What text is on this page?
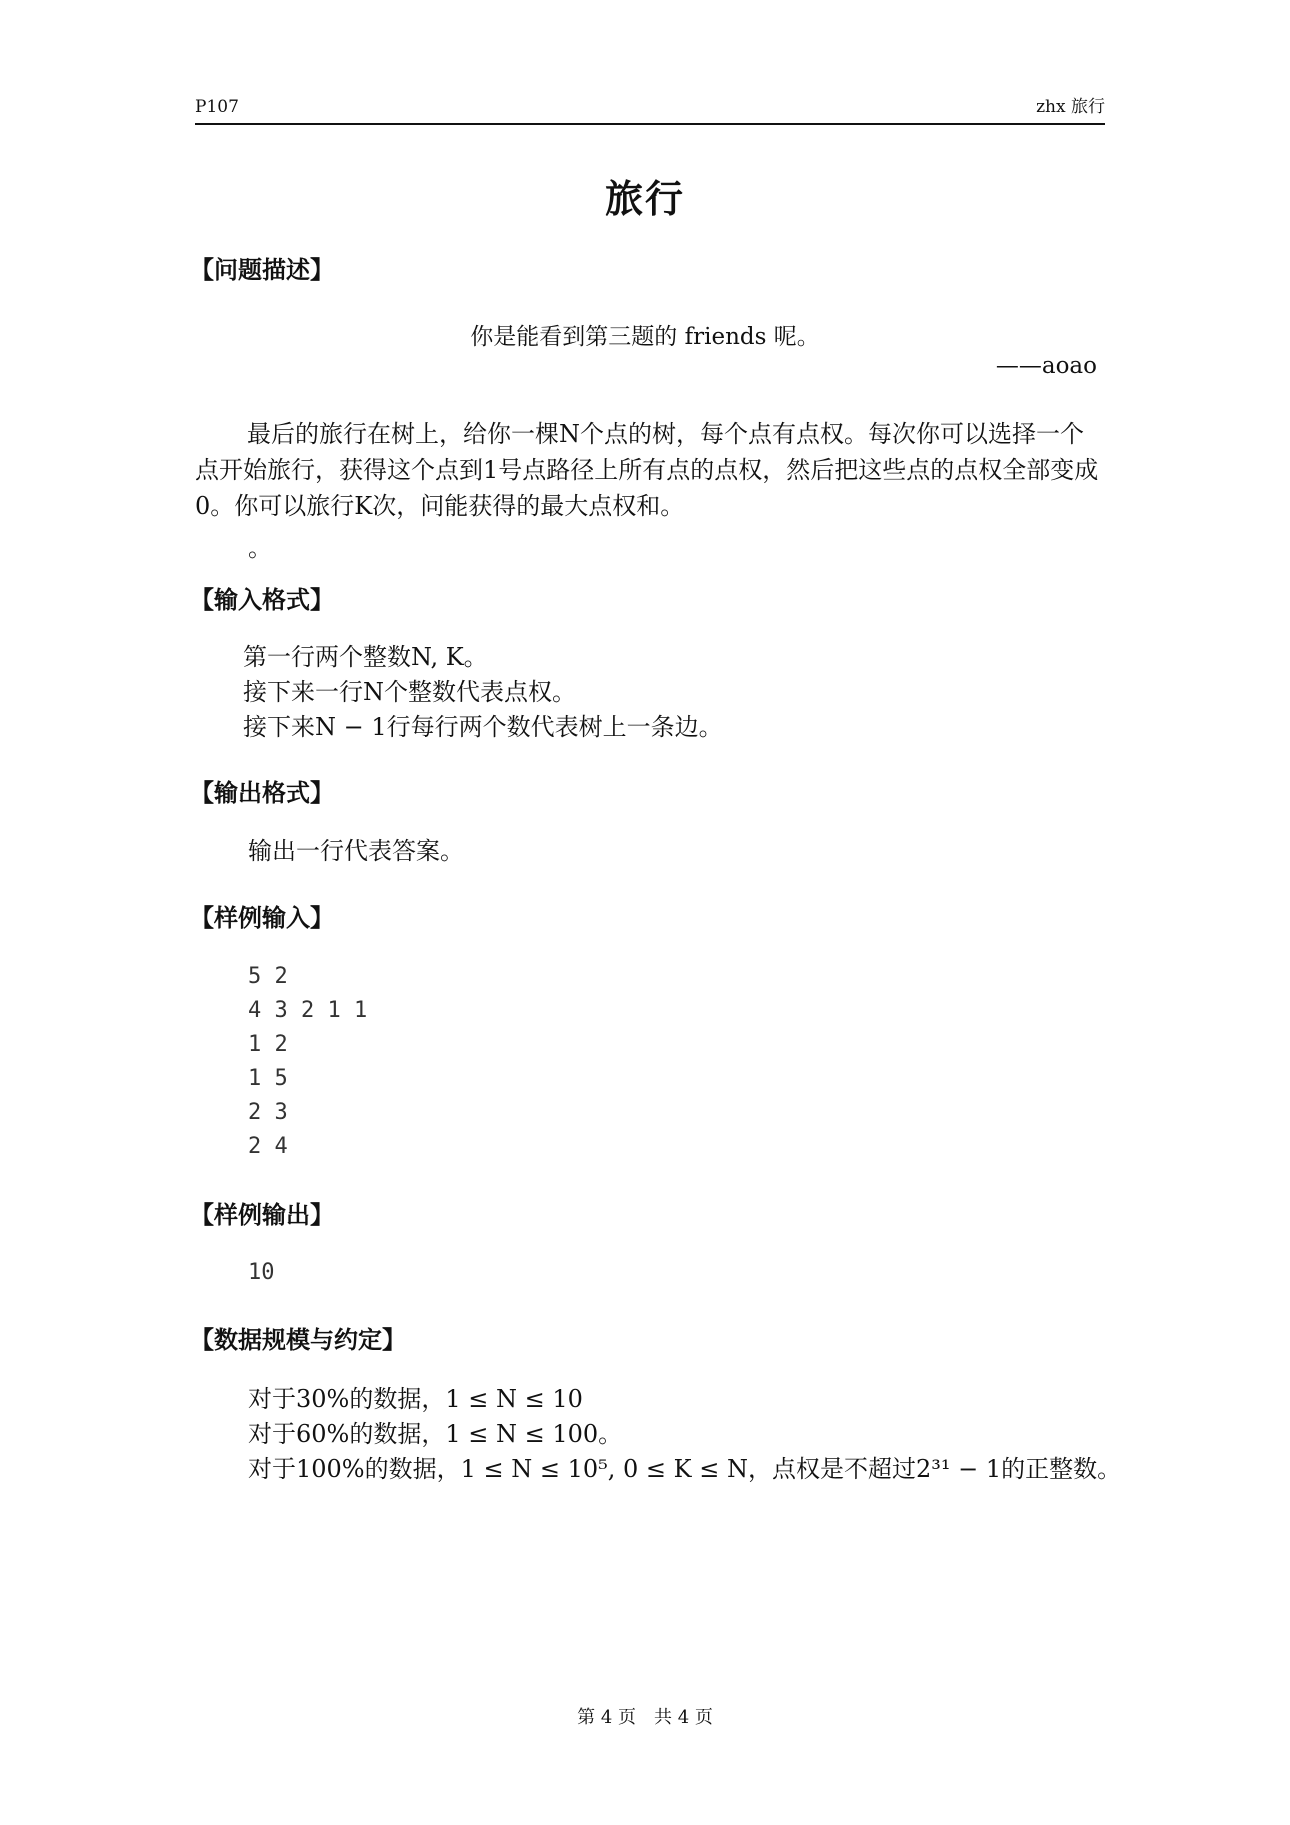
P107	zhx 旅行
旅行
【问题描述】
你是能看到第三题的 friends 呢。
——aoao
最后的旅行在树上，给你一棵N个点的树，每个点有点权。每次你可以选择一个点开始旅行，获得这个点到1号点路径上所有点的点权，然后把这些点的点权全部变成0。你可以旅行K次，问能获得的最大点权和。
。
【输入格式】
第一行两个整数N, K。
接下来一行N个整数代表点权。
接下来N − 1行每行两个数代表树上一条边。
【输出格式】
输出一行代表答案。
【样例输入】
5 2
4 3 2 1 1
1 2
1 5
2 3
2 4
【样例输出】
10
【数据规模与约定】
对于30%的数据，1 ≤ N ≤ 10
对于60%的数据，1 ≤ N ≤ 100。
对于100%的数据，1 ≤ N ≤ 10⁵, 0 ≤ K ≤ N，点权是不超过2³¹ − 1的正整数。
第 4 页　共 4 页
